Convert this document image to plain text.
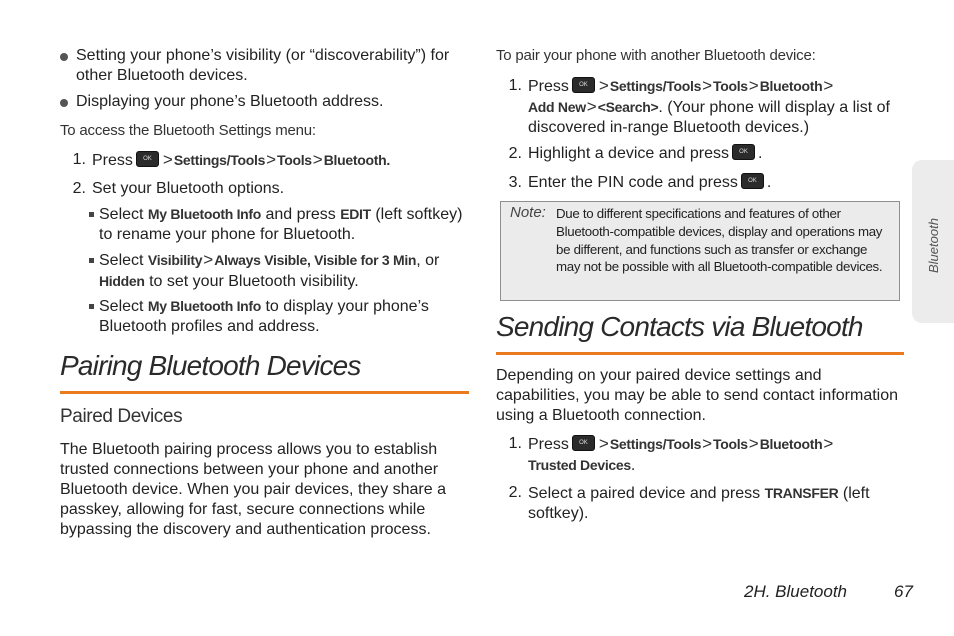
Setting your phone’s visibility (or “discoverability”) for other Bluetooth devices.
Displaying your phone’s Bluetooth address.
To access the Bluetooth Settings menu:
1. Press OK >Settings/Tools>Tools>Bluetooth.
2. Set your Bluetooth options.
Select My Bluetooth Info and press EDIT (left softkey) to rename your phone for Bluetooth.
Select Visibility>Always Visible, Visible for 3 Min, or Hidden to set your Bluetooth visibility.
Select My Bluetooth Info to display your phone’s Bluetooth profiles and address.
Pairing Bluetooth Devices
Paired Devices
The Bluetooth pairing process allows you to establish trusted connections between your phone and another Bluetooth device. When you pair devices, they share a passkey, allowing for fast, secure connections while bypassing the discovery and authentication process.
To pair your phone with another Bluetooth device:
1. Press OK >Settings/Tools>Tools>Bluetooth>
Add New><Search>. (Your phone will display a list of discovered in-range Bluetooth devices.)
2. Highlight a device and press OK .
3. Enter the PIN code and press OK .
Note: Due to different specifications and features of other Bluetooth-compatible devices, display and operations may be different, and functions such as transfer or exchange may not be possible with all Bluetooth-compatible devices.
Sending Contacts via Bluetooth
Depending on your paired device settings and capabilities, you may be able to send contact information using a Bluetooth connection.
1. Press OK >Settings/Tools>Tools>Bluetooth>
Trusted Devices.
2. Select a paired device and press TRANSFER (left softkey).
Bluetooth
2H. Bluetooth	67
